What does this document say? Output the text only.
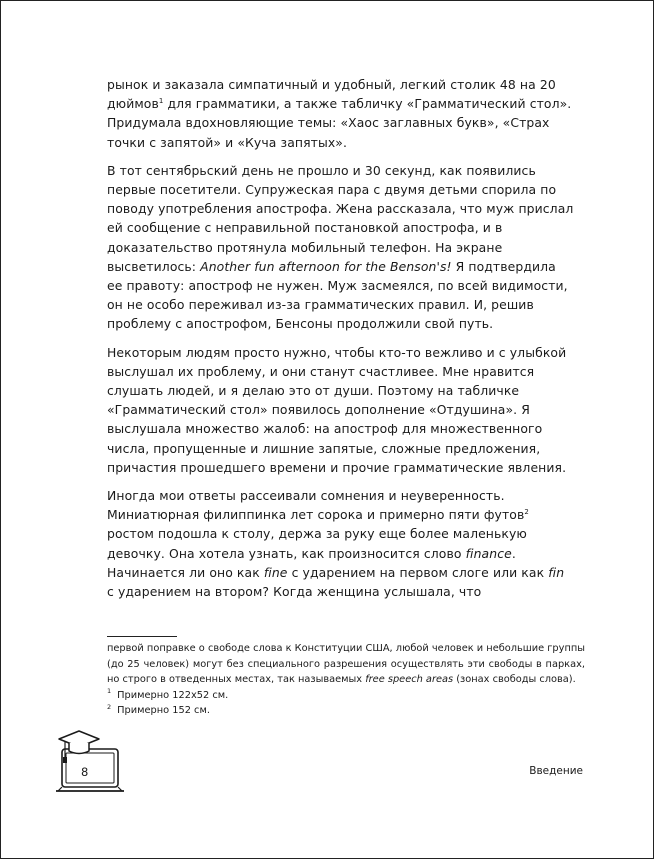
рынок и заказала симпатичный и удобный, легкий столик 48 на 20 дюймов$^1$ для грамматики, а также табличку «Грамматический стол». Придумала вдохновляющие темы: «Хаос заглавных букв», «Страх точки с запятой» и «Куча запятых».

В тот сентябрьский день не прошло и 30 секунд, как появились первые посетители. Супружеская пара с двумя детьми спорила по поводу употребления апострофа. Жена рассказала, что муж прислал ей сообщение с неправильной постановкой апострофа, и в доказательство протянула мобильный телефон. На экране высветилось: Another fun afternoon for the Benson's! Я подтвердила ее правоту: апостроф не нужен. Муж засмеялся, по всей видимости, он не особо переживал из-за грамматических правил. И, решив проблему с апострофом, Бенсоны продолжили свой путь.

Некоторым людям просто нужно, чтобы кто-то вежливо и с улыбкой выслушал их проблему, и они станут счастливее. Мне нравится слушать людей, и я делаю это от души. Поэтому на табличке «Грамматический стол» появилось дополнение «Отдушина». Я выслушала множество жалоб: на апостроф для множественного числа, пропущенные и лишние запятые, сложные предложения, причастия прошедшего времени и прочие грамматические явления.

Иногда мои ответы рассеивали сомнения и неуверенность. Миниатюрная филиппинка лет сорока и примерно пяти футов$^2$ ростом подошла к столу, держа за руку еще более маленькую девочку. Она хотела узнать, как произносится слово finance. Начинается ли оно как fine с ударением на первом слоге или как fin с ударением на втором? Когда женщина услышала, что

первой поправке о свободе слова к Конституции США, любой человек и небольшие группы (до 25 человек) могут без специального разрешения осуществлять эти свободы в парках, но строго в отведенных местах, так называемых free speech areas (зонах свободы слова).
$^1$ Примерно 122х52 см.
$^2$ Примерно 152 см.
8	Введение
